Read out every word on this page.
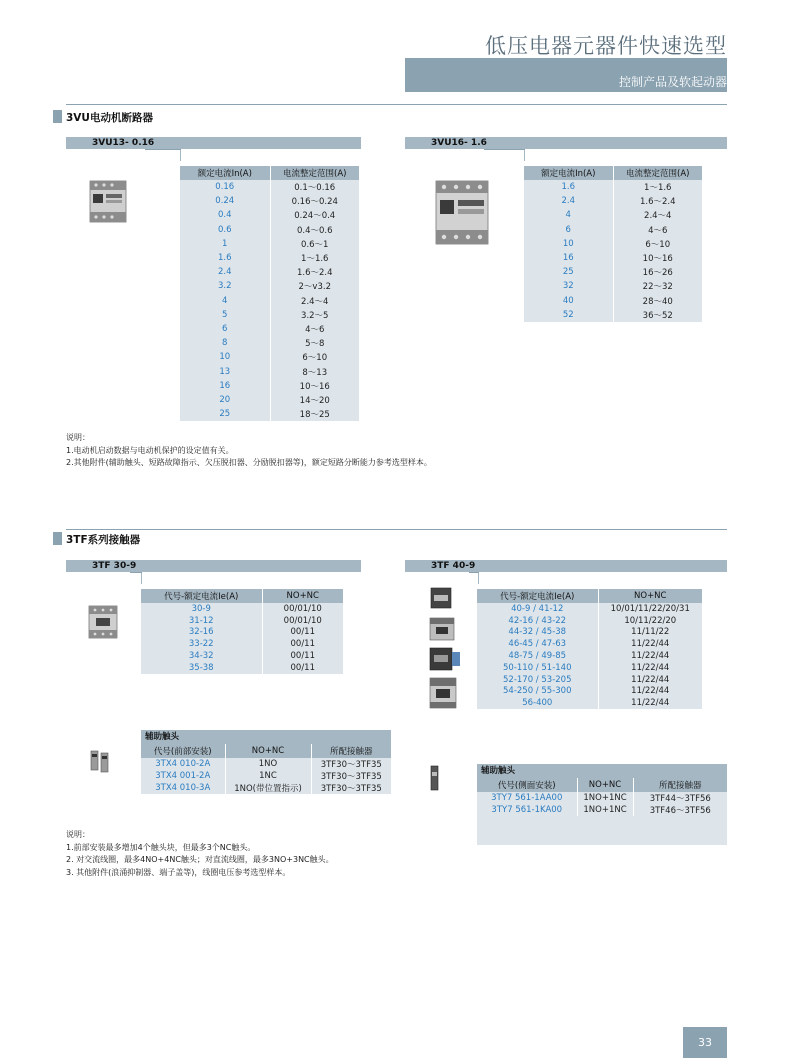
低压电器元器件快速选型
控制产品及软起动器
3VU电动机断路器
3VU13- 0.16
额定电流In(A)	电流整定范围(A)
0.16	0.1～0.16
0.24	0.16～0.24
0.4	0.24～0.4
0.6	0.4～0.6
1	0.6～1
1.6	1～1.6
2.4	1.6～2.4
3.2	2～v3.2
4	2.4～4
5	3.2～5
6	4～6
8	5～8
10	6～10
13	8～13
16	10～16
20	14～20
25	18～25
3VU16- 1.6
额定电流In(A)	电流整定范围(A)
1.6	1～1.6
2.4	1.6～2.4
4	2.4～4
6	4～6
10	6～10
16	10～16
25	16～26
32	22～32
40	28～40
52	36～52
说明：
1.电动机启动数据与电动机保护的设定值有关。
2.其他附件(辅助触头、短路故障指示、欠压脱扣器、分励脱扣器等)，额定短路分断能力参考选型样本。
3TF系列接触器
3TF 30-9
代号-额定电流Ie(A)	NO+NC
30-9	00/01/10
31-12	00/01/10
32-16	00/11
33-22	00/11
34-32	00/11
35-38	00/11
辅助触头
代号(前部安装)	NO+NC	所配接触器
3TX4 010-2A	1NO	3TF30～3TF35
3TX4 001-2A	1NC	3TF30～3TF35
3TX4 010-3A	1NO(带位置指示)	3TF30～3TF35
3TF 40-9
代号-额定电流Ie(A)	NO+NC
40-9 / 41-12	10/01/11/22/20/31
42-16 / 43-22	10/11/22/20
44-32 / 45-38	11/11/22
46-45 / 47-63	11/22/44
48-75 / 49-85	11/22/44
50-110 / 51-140	11/22/44
52-170 / 53-205	11/22/44
54-250 / 55-300	11/22/44
56-400	11/22/44
辅助触头
代号(侧面安装)	NO+NC	所配接触器
3TY7 561-1AA00	1NO+1NC	3TF44～3TF56
3TY7 561-1KA00	1NO+1NC	3TF46～3TF56
说明：
1.前部安装最多增加4个触头块，但最多3个NC触头。
2. 对交流线圈，最多4NO+4NC触头；对直流线圈，最多3NO+3NC触头。
3. 其他附件(浪涌抑制器、端子盖等)，线圈电压参考选型样本。
33
